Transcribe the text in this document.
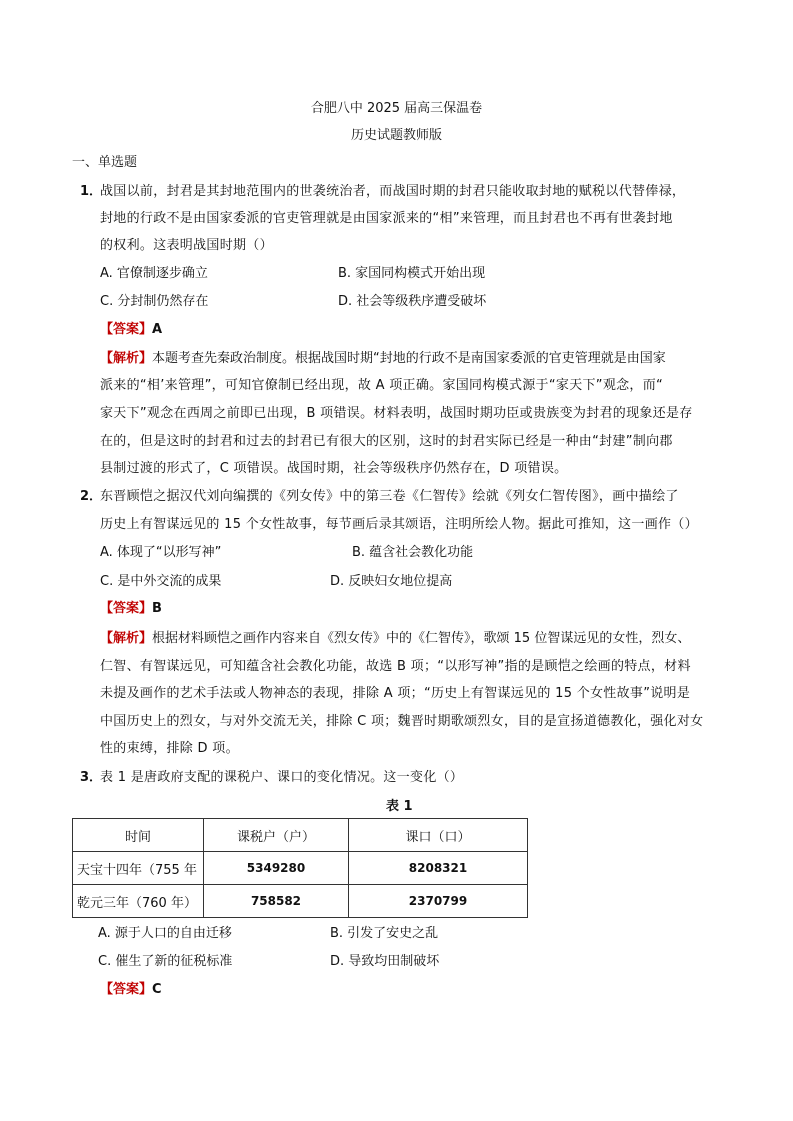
合肥八中 2025 届高三保温卷
历史试题教师版
一、单选题
1．
战国以前，封君是其封地范围内的世袭统治者，而战国时期的封君只能收取封地的赋税以代替俸禄，
封地的行政不是由国家委派的官吏管理就是由国家派来的“相”来管理，而且封君也不再有世袭封地
的权利。这表明战国时期（）
A. 官僚制逐步确立	B. 家国同构模式开始出现
C. 分封制仍然存在	D. 社会等级秩序遭受破坏
【答案】A
【解析】本题考查先秦政治制度。根据战国时期“封地的行政不是南国家委派的官吏管理就是由国家
派来的“相’来管理”，可知官僚制已经出现，故 A 项正确。家国同构模式源于“家天下”观念，而“
家天下”观念在西周之前即已出现，B 项错误。材料表明，战国时期功臣或贵族变为封君的现象还是存
在的，但是这时的封君和过去的封君已有很大的区别，这时的封君实际已经是一种由“封建”制向郡
县制过渡的形式了，C 项错误。战国时期，社会等级秩序仍然存在，D 项错误。
2．
东晋顾恺之据汉代刘向编撰的《列女传》中的第三卷《仁智传》绘就《列女仁智传图》，画中描绘了
历史上有智谋远见的 15 个女性故事，每节画后录其颂语，注明所绘人物。据此可推知，这一画作（）
A. 体现了“以形写神”	B. 蕴含社会教化功能
C. 是中外交流的成果	D. 反映妇女地位提高
【答案】B
【解析】根据材料顾恺之画作内容来自《烈女传》中的《仁智传》，歌颂 15 位智谋远见的女性，烈女、
仁智、有智谋远见，可知蕴含社会教化功能，故选 B 项；“以形写神”指的是顾恺之绘画的特点，材料
未提及画作的艺术手法或人物神态的表现，排除 A 项；“历史上有智谋远见的 15 个女性故事”说明是
中国历史上的烈女，与对外交流无关，排除 C 项；魏晋时期歌颂烈女，目的是宣扬道德教化，强化对女
性的束缚，排除 D 项。
3．
表 1 是唐政府支配的课税户、课口的变化情况。这一变化（）
表 1
时间	课税户（户）	课口（口）
天宝十四年（755 年	5349280	8208321
乾元三年（760 年）	758582	2370799
A. 源于人口的自由迁移	B. 引发了安史之乱
C. 催生了新的征税标准	D. 导致均田制破坏
【答案】C
